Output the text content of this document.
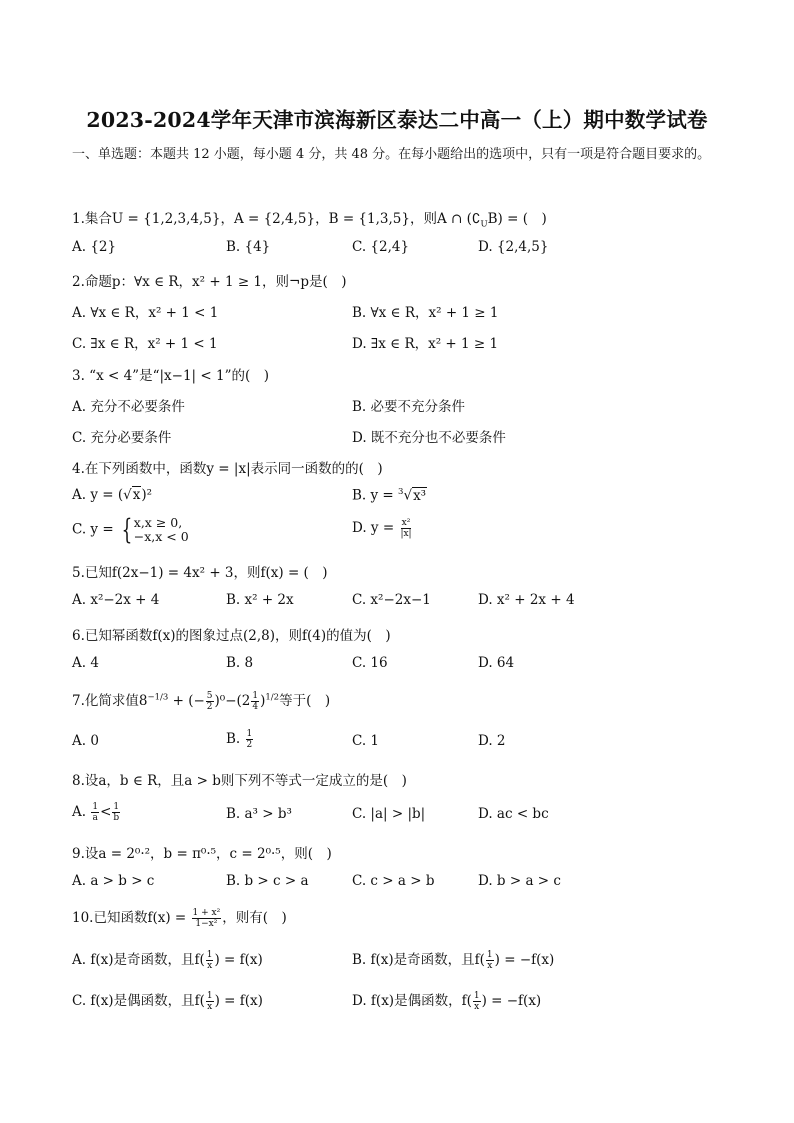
2023-2024学年天津市滨海新区泰达二中高一（上）期中数学试卷
一、单选题：本题共 12 小题，每小题 4 分，共 48 分。在每小题给出的选项中，只有一项是符合题目要求的。
1.集合U = {1,2,3,4,5}，A = {2,4,5}，B = {1,3,5}，则A ∩ $(∁_UB)$ = (　)
A. {2}	B. {4}	C. {2,4}	D. {2,4,5}
2.命题p：∀x ∈ R，x² + 1 ≥ 1，则¬p是(　)
A. ∀x ∈ R，x² + 1 < 1	B. ∀x ∈ R，x² + 1 ≥ 1
C. ∃x ∈ R，x² + 1 < 1	D. ∃x ∈ R，x² + 1 ≥ 1
3. “x < 4”是“|x−1| < 1”的(　)
A. 充分不必要条件	B. 必要不充分条件
C. 充分必要条件	D. 既不充分也不必要条件
4.在下列函数中，函数y = |x|表示同一函数的的(　)
A. y = (√x)²	B. y = $^3$√x³
C. y = { x,x ≥ 0,
−x,x < 0
D. $y = \frac{\text{x²}}{|x|}$
5.已知f(2x−1) = 4x² + 3，则f(x) = (　)
A. x²−2x + 4	B. x² + 2x	C. x²−2x−1	D. x² + 2x + 4
6.已知幂函数f(x)的图象过点(2,8)，则f(4)的值为(　)
A. 4	B. 8	C. 16	D. 64
7.化简求值$8^{-1/3}$ + (− $\frac{5}{2} )^0-(2 \frac{1}{4} )^{1/2}$等于(　)
A. 0	B. $\frac{1}{2}$	C. 1	D. 2
8.设a，b ∈ R，且a > b则下列不等式一定成立的是(　)
A. $\frac{1}{a} < \frac{1}{b}$	B. a³ > b³	C. |a| > |b|	D. ac < bc
9.设a = 2⁰·²，b = π⁰·⁵，c = 2⁰·⁵，则(　)
A. a > b > c	B. b > c > a	C. c > a > b	D. b > a > c
10.已知函数$f(x) = \frac{\text{1 + x²}}{\text{1−x²}}$ ，则有(　)
A. f(x)是奇函数，且$f( \frac{1}{x}$ ) = f(x)	B. f(x)是奇函数，且$f( \frac{1}{x}$ ) = −f(x)
C. f(x)是偶函数，且$f( \frac{1}{x}$ ) = f(x)	D. f(x)是偶函数，$f( \frac{1}{x}$ ) = −f(x)
